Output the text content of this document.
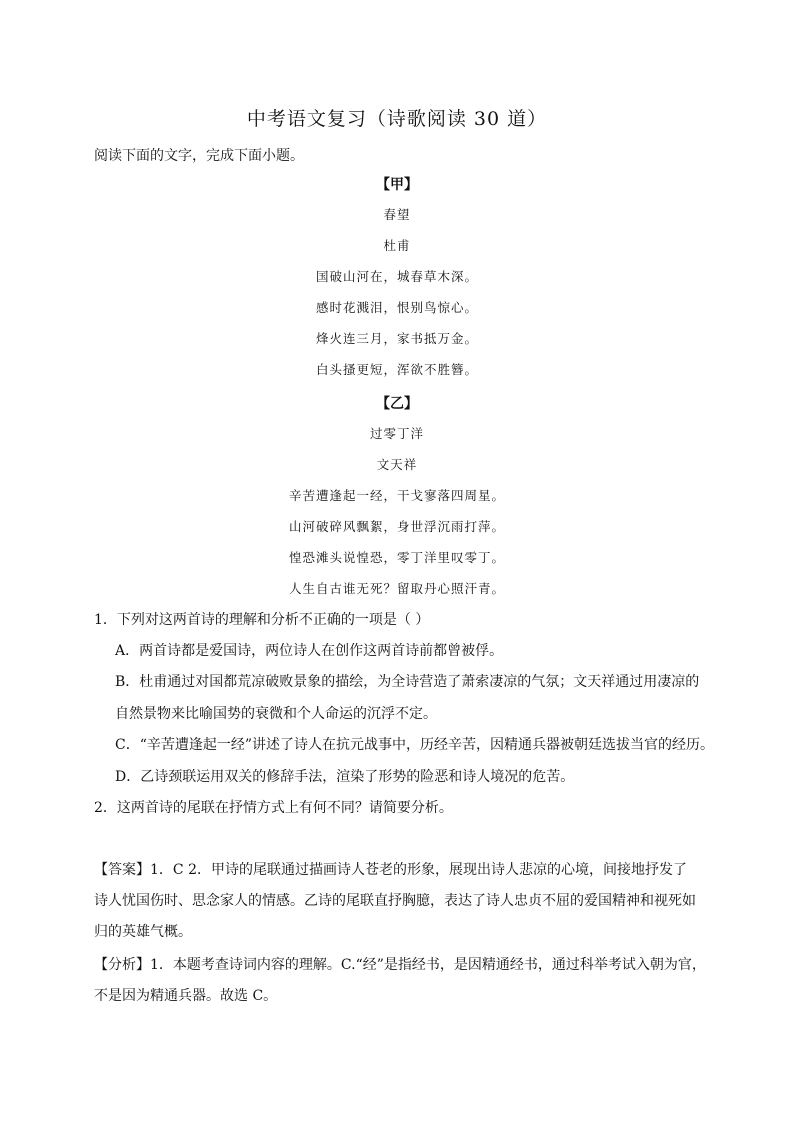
中考语文复习（诗歌阅读 30 道）
阅读下面的文字，完成下面小题。
【甲】
春望
杜甫
国破山河在，城春草木深。
感时花溅泪，恨别鸟惊心。
烽火连三月，家书抵万金。
白头搔更短，浑欲不胜簪。
【乙】
过零丁洋
文天祥
辛苦遭逢起一经，干戈寥落四周星。
山河破碎风飘絮，身世浮沉雨打萍。
惶恐滩头说惶恐，零丁洋里叹零丁。
人生自古谁无死？留取丹心照汗青。
1．下列对这两首诗的理解和分析不正确的一项是（ ）
A．两首诗都是爱国诗，两位诗人在创作这两首诗前都曾被俘。
B．杜甫通过对国都荒凉破败景象的描绘，为全诗营造了萧索凄凉的气氛；文天祥通过用凄凉的
自然景物来比喻国势的衰微和个人命运的沉浮不定。
C．“辛苦遭逢起一经”讲述了诗人在抗元战事中，历经辛苦，因精通兵器被朝廷选拔当官的经历。
D．乙诗颈联运用双关的修辞手法，渲染了形势的险恶和诗人境况的危苦。
2．这两首诗的尾联在抒情方式上有何不同？请简要分析。
【答案】1．C 2．甲诗的尾联通过描画诗人苍老的形象，展现出诗人悲凉的心境，间接地抒发了
诗人忧国伤时、思念家人的情感。乙诗的尾联直抒胸臆，表达了诗人忠贞不屈的爱国精神和视死如
归的英雄气概。
【分析】1．本题考查诗词内容的理解。C.“经”是指经书，是因精通经书，通过科举考试入朝为官，
不是因为精通兵器。故选 C。
